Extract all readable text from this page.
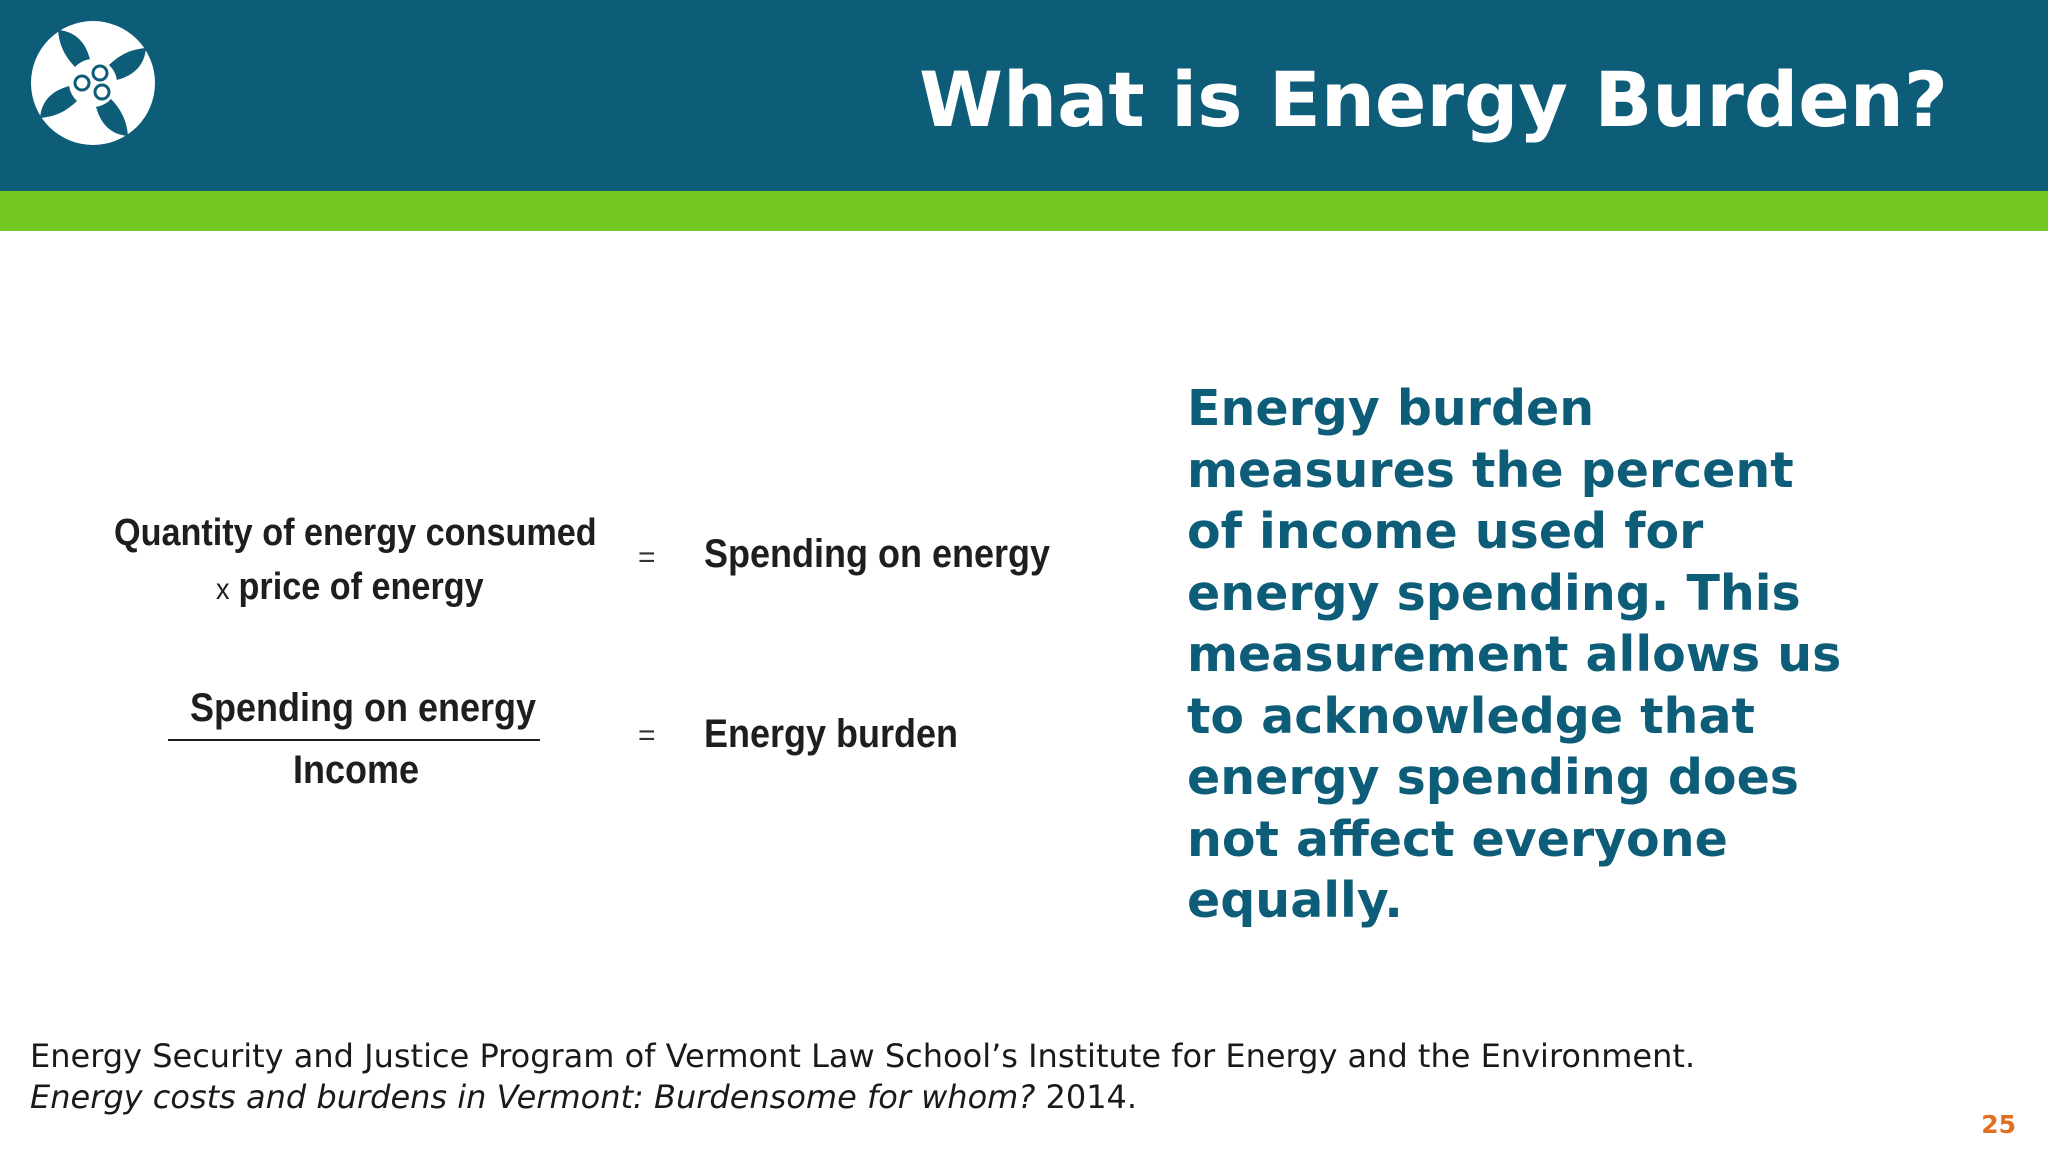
What is Energy Burden?
Quantity of energy consumed
x price of energy
= Spending on energy
Spending on energy
Income
= Energy burden
Energy burden
measures the percent
of income used for
energy spending. This
measurement allows us
to acknowledge that
energy spending does
not affect everyone
equally.
Energy Security and Justice Program of Vermont Law School’s Institute for Energy and the Environment.
Energy costs and burdens in Vermont: Burdensome for whom? 2014.
25
